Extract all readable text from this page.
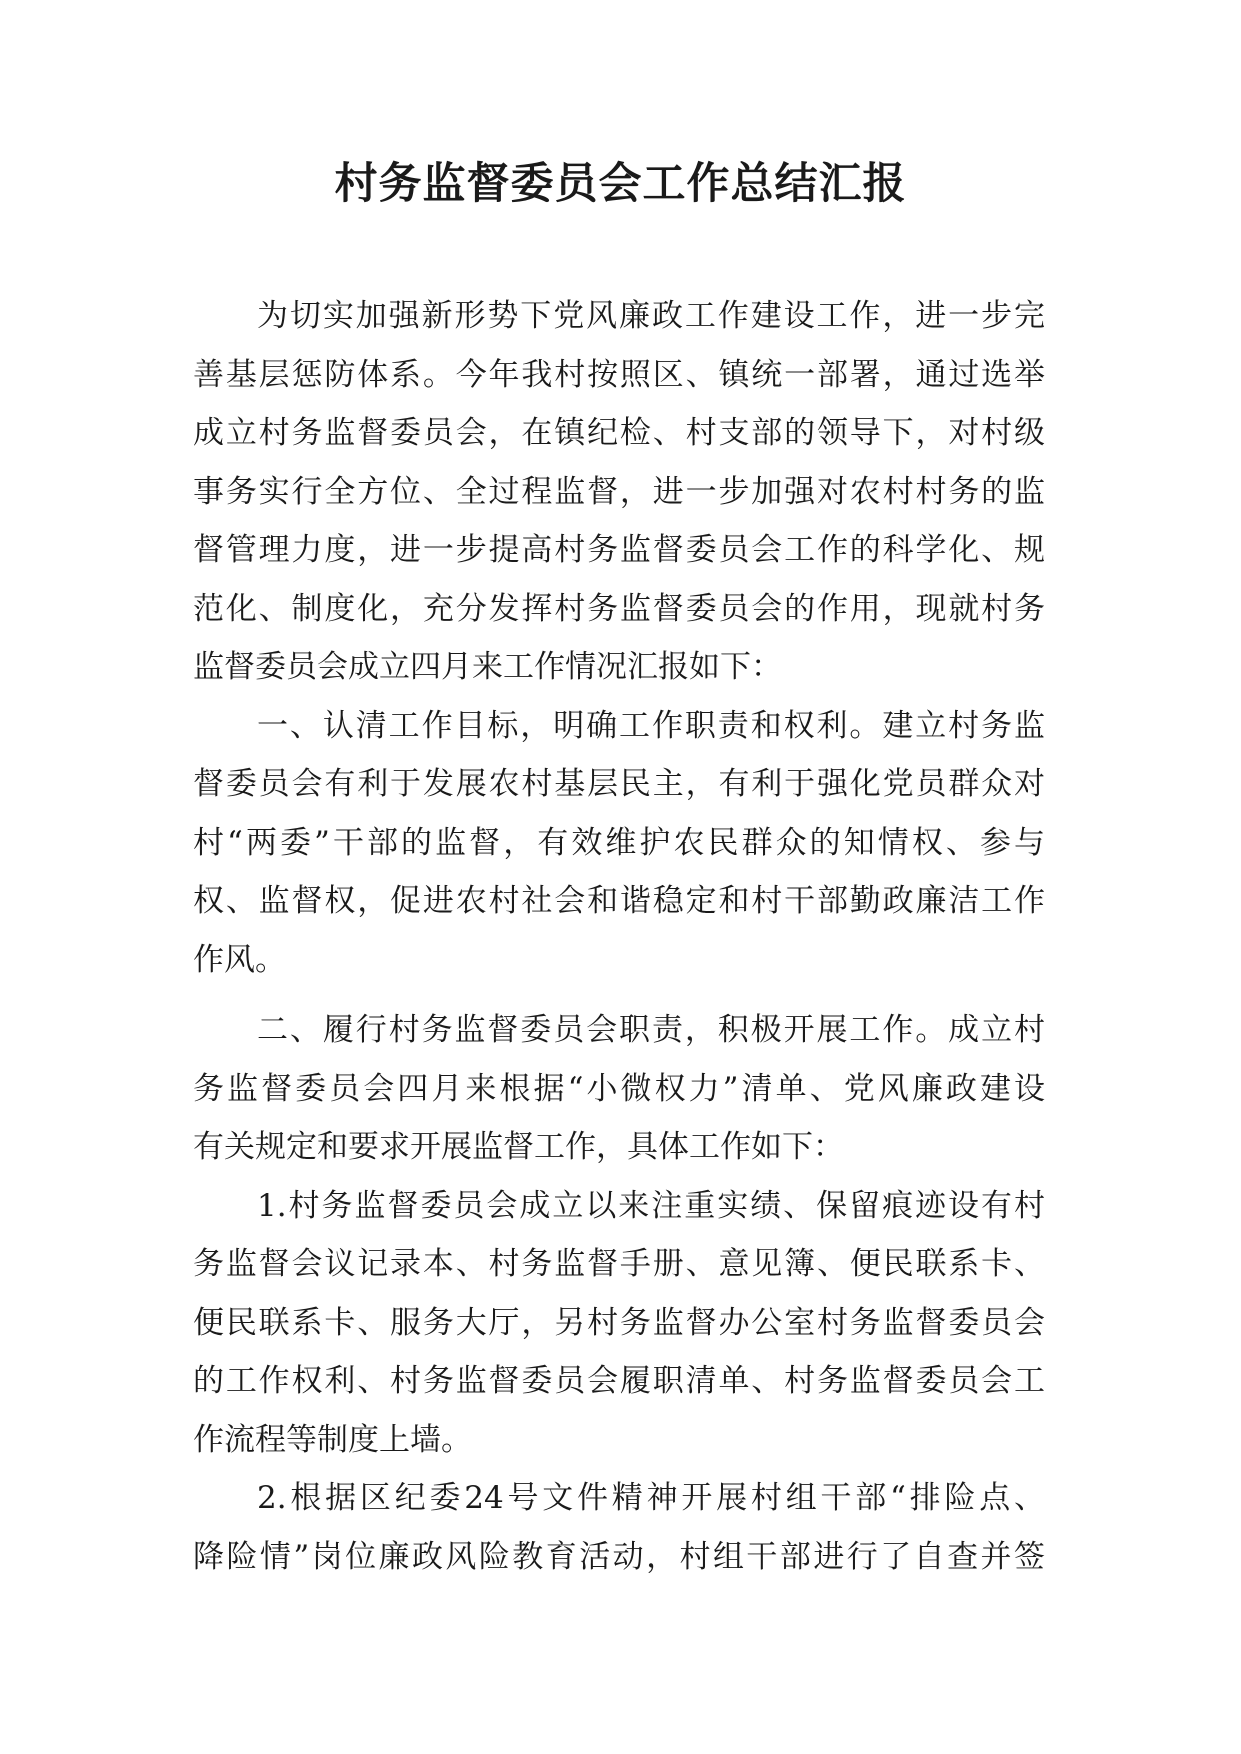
村务监督委员会工作总结汇报
为切实加强新形势下党风廉政工作建设工作，进一步完
善基层惩防体系。今年我村按照区、镇统一部署，通过选举
成立村务监督委员会，在镇纪检、村支部的领导下，对村级
事务实行全方位、全过程监督，进一步加强对农村村务的监
督管理力度，进一步提高村务监督委员会工作的科学化、规
范化、制度化，充分发挥村务监督委员会的作用，现就村务
监督委员会成立四月来工作情况汇报如下：
一、认清工作目标，明确工作职责和权利。建立村务监
督委员会有利于发展农村基层民主，有利于强化党员群众对
村“两委”干部的监督，有效维护农民群众的知情权、参与
权、监督权，促进农村社会和谐稳定和村干部勤政廉洁工作
作风。
二、履行村务监督委员会职责，积极开展工作。成立村
务监督委员会四月来根据“小微权力”清单、党风廉政建设
有关规定和要求开展监督工作，具体工作如下：
1.村务监督委员会成立以来注重实绩、保留痕迹设有村
务监督会议记录本、村务监督手册、意见簿、便民联系卡、
便民联系卡、服务大厅，另村务监督办公室村务监督委员会
的工作权利、村务监督委员会履职清单、村务监督委员会工
作流程等制度上墙。
2.根据区纪委24号文件精神开展村组干部“排险点、
降险情”岗位廉政风险教育活动，村组干部进行了自查并签
